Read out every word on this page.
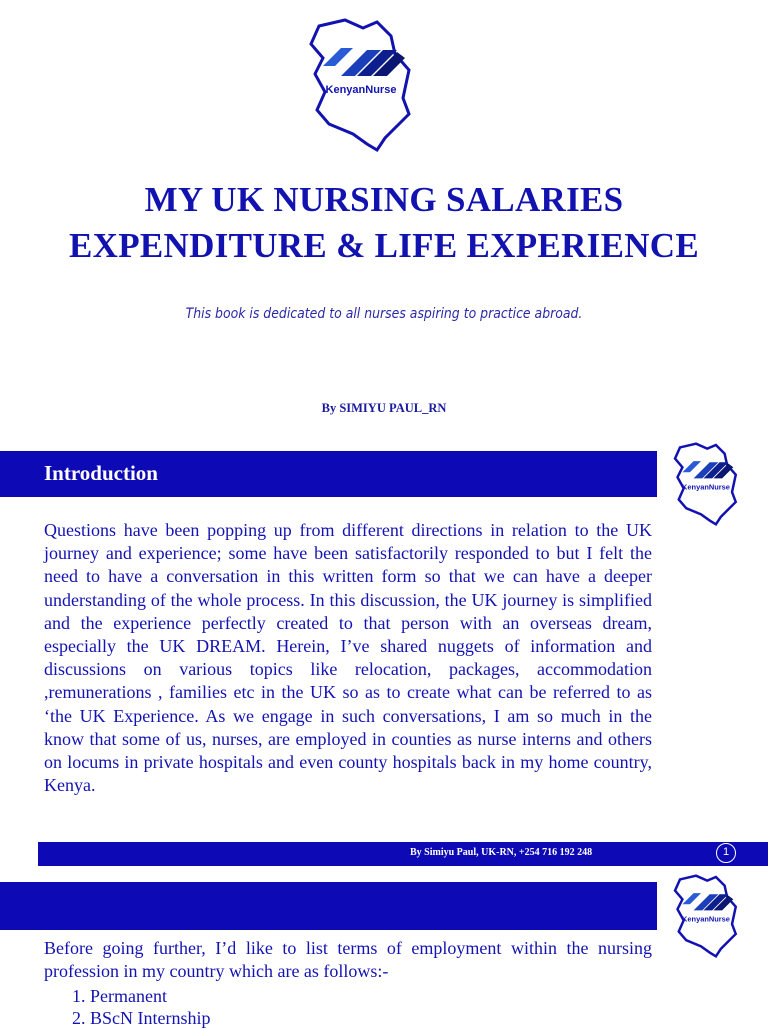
KenyanNurse
MY UK NURSING SALARIES
EXPENDITURE & LIFE EXPERIENCE
This book is dedicated to all nurses aspiring to practice abroad.
By SIMIYU PAUL_RN
Introduction
KenyanNurse

Questions have been popping up from different directions in relation to the UK journey and experience; some have been satisfactorily responded to but I felt the need to have a conversation in this written form so that we can have a deeper understanding of the whole process. In this discussion, the UK journey is simplified and the experience perfectly created to that person with an overseas dream, especially the UK DREAM. Herein, I’ve shared nuggets of information and discussions on various topics like relocation, packages, accommodation ,remunerations , families etc in the UK so as to create what can be referred to as ‘the UK Experience. As we engage in such conversations, I am so much in the know that some of us, nurses, are employed in counties as nurse interns and others on locums in private hospitals and even county hospitals back in my home country, Kenya.

By Simiyu Paul, UK-RN, +254 716 192 248	1
KenyanNurse

Before going further, I’d like to list terms of employment within the nursing profession in my country which are as follows:-

1. Permanent
2. BScN Internship
